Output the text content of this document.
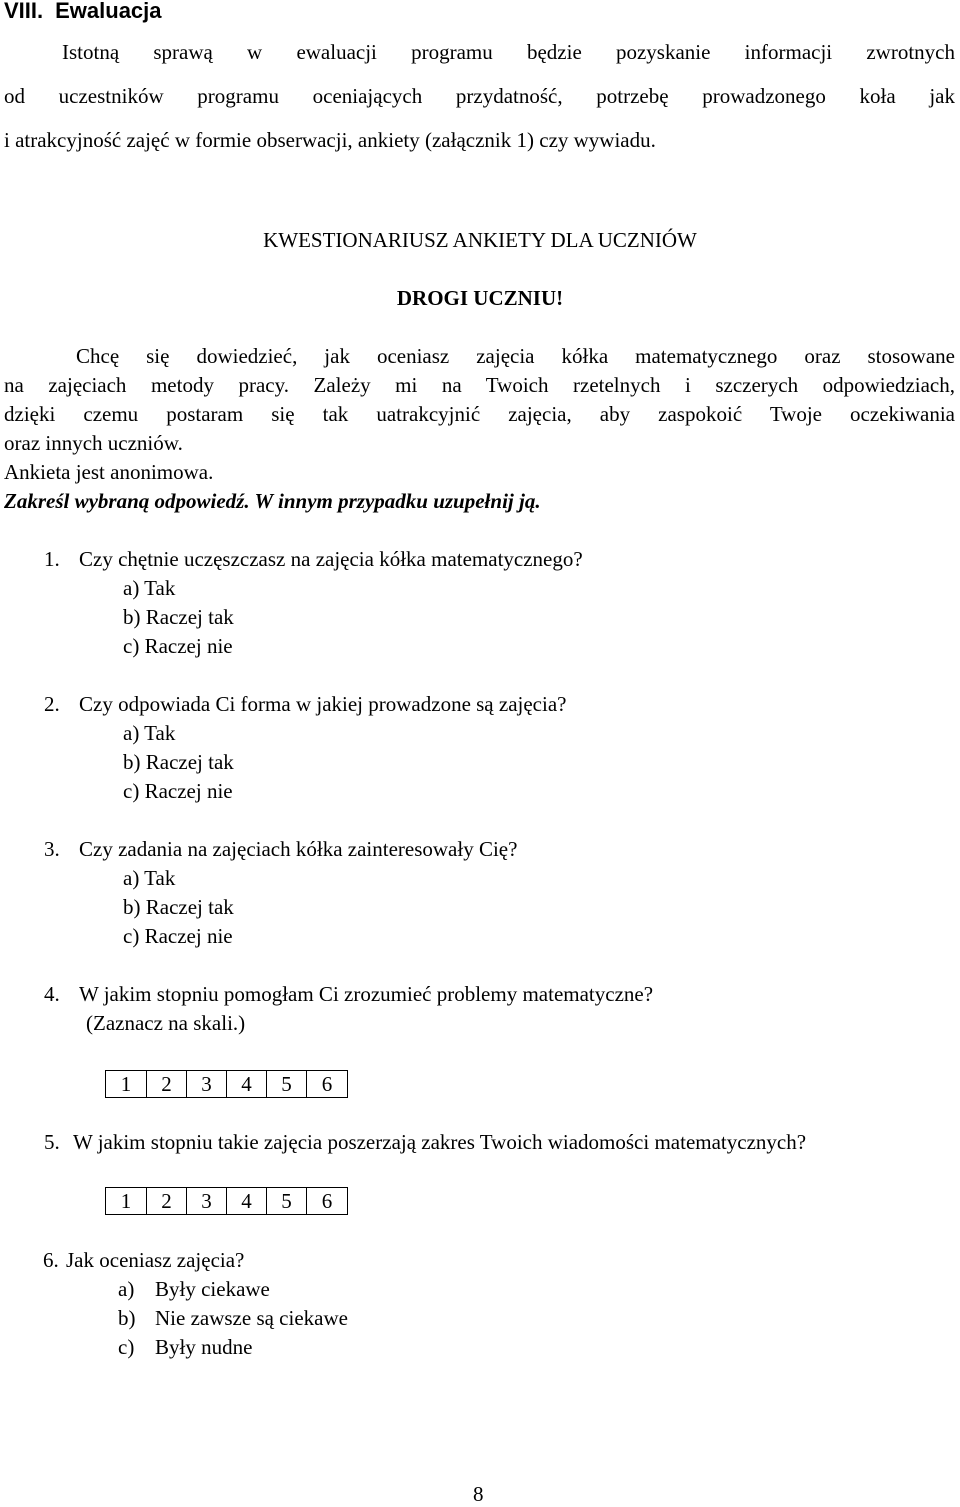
VIII. Ewaluacja
Istotną sprawą w ewaluacji programu będzie pozyskanie informacji zwrotnych
od uczestników programu oceniających przydatność, potrzebę prowadzonego koła jak
i atrakcyjność zajęć w formie obserwacji, ankiety (załącznik 1) czy wywiadu.
KWESTIONARIUSZ ANKIETY DLA UCZNIÓW
DROGI UCZNIU!
Chcę się dowiedzieć, jak oceniasz zajęcia kółka matematycznego oraz stosowane
na zajęciach metody pracy. Zależy mi na Twoich rzetelnych i szczerych odpowiedziach,
dzięki czemu postaram się tak uatrakcyjnić zajęcia, aby zaspokoić Twoje oczekiwania
oraz innych uczniów.
Ankieta jest anonimowa.
Zakreśl wybraną odpowiedź. W innym przypadku uzupełnij ją.
1. Czy chętnie uczęszczasz na zajęcia kółka matematycznego?
a) Tak
b) Raczej tak
c) Raczej nie
2. Czy odpowiada Ci forma w jakiej prowadzone są zajęcia?
a) Tak
b) Raczej tak
c) Raczej nie
3. Czy zadania na zajęciach kółka zainteresowały Cię?
a) Tak
b) Raczej tak
c) Raczej nie
4. W jakim stopniu pomogłam Ci zrozumieć problemy matematyczne?
(Zaznacz na skali.)
1	2	3	4	5	6
5. W jakim stopniu takie zajęcia poszerzają zakres Twoich wiadomości matematycznych?
1	2	3	4	5	6
6. Jak oceniasz zajęcia?
a) Były ciekawe
b) Nie zawsze są ciekawe
c) Były nudne
8
